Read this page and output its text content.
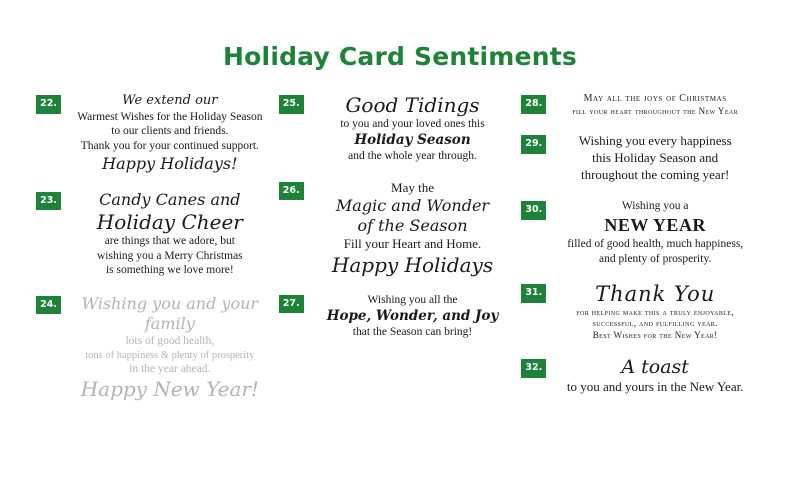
Holiday Card Sentiments
22.	We extend our
Warmest Wishes for the Holiday Season
to our clients and friends.
Thank you for your continued support.
Happy Holidays!
23.	Candy Canes and
Holiday Cheer
are things that we adore, but
wishing you a Merry Christmas
is something we love more!
24.	Wishing you and your family
lots of good health,
tons of happiness & plenty of prosperity
in the year ahead.
Happy New Year!
25.	Good Tidings
to you and your loved ones this
Holiday Season
and the whole year through.
26.	May the
Magic and Wonder
of the Season
Fill your Heart and Home.
Happy Holidays
27.	Wishing you all the
Hope, Wonder, and Joy
that the Season can bring!
28.	May all the joys of Christmas
fill your heart throughout the New Year
29.	Wishing you every happiness
this Holiday Season and
throughout the coming year!
30.	Wishing you a
NEW YEAR
filled of good health, much happiness,
and plenty of prosperity.
31.	Thank You
for helping make this a truly enjoyable,
successful, and fulfilling year.
Best Wishes for the New Year!
32.	A toast
to you and yours in the New Year.
